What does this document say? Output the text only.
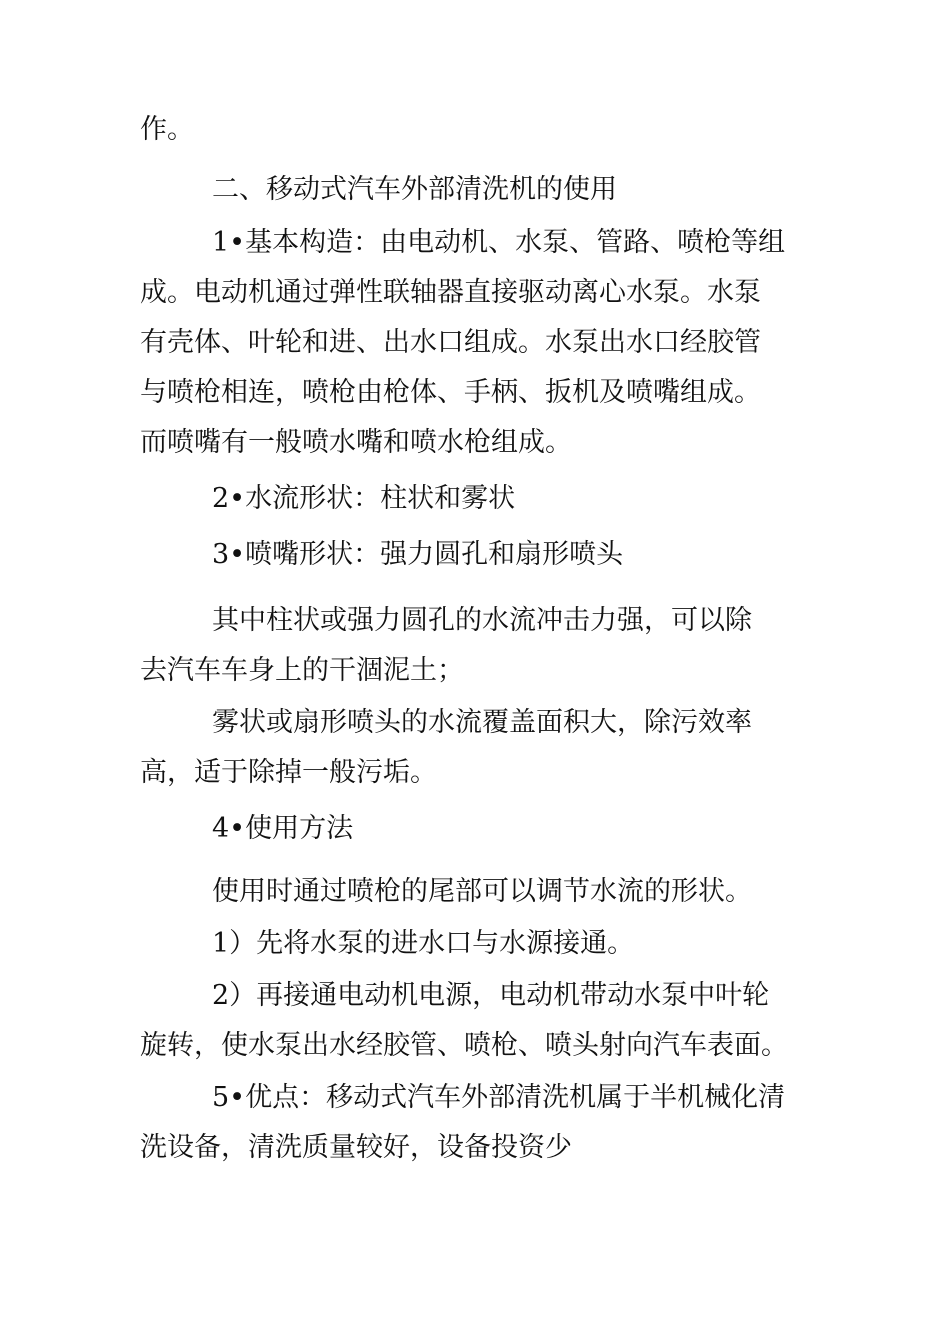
作。
二、移动式汽车外部清洗机的使用
1•基本构造：由电动机、水泵、管路、喷枪等组
成。电动机通过弹性联轴器直接驱动离心水泵。水泵
有壳体、叶轮和进、出水口组成。水泵出水口经胶管
与喷枪相连，喷枪由枪体、手柄、扳机及喷嘴组成。
而喷嘴有一般喷水嘴和喷水枪组成。
2•水流形状：柱状和雾状
3•喷嘴形状：强力圆孔和扇形喷头
其中柱状或强力圆孔的水流冲击力强，可以除
去汽车车身上的干涸泥土；
雾状或扇形喷头的水流覆盖面积大，除污效率
高，适于除掉一般污垢。
4•使用方法
使用时通过喷枪的尾部可以调节水流的形状。
1）先将水泵的进水口与水源接通。
2）再接通电动机电源，电动机带动水泵中叶轮
旋转，使水泵出水经胶管、喷枪、喷头射向汽车表面。
5•优点：移动式汽车外部清洗机属于半机械化清
洗设备，清洗质量较好，设备投资少
